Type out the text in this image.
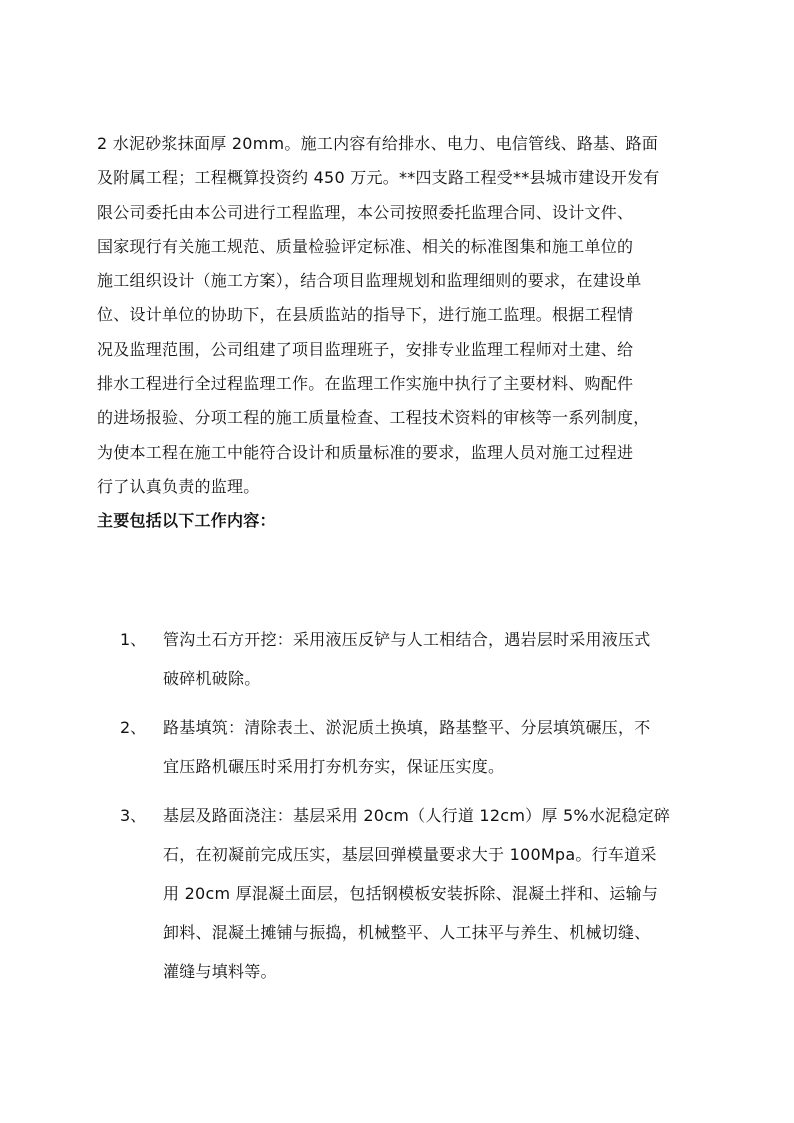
2 水泥砂浆抹面厚 20mm。施工内容有给排水、电力、电信管线、路基、路面
及附属工程；工程概算投资约 450 万元。**四支路工程受**县城市建设开发有
限公司委托由本公司进行工程监理，本公司按照委托监理合同、设计文件、
国家现行有关施工规范、质量检验评定标准、相关的标准图集和施工单位的
施工组织设计（施工方案），结合项目监理规划和监理细则的要求，在建设单
位、设计单位的协助下，在县质监站的指导下，进行施工监理。根据工程情
况及监理范围，公司组建了项目监理班子，安排专业监理工程师对土建、给
排水工程进行全过程监理工作。在监理工作实施中执行了主要材料、购配件
的进场报验、分项工程的施工质量检查、工程技术资料的审核等一系列制度，
为使本工程在施工中能符合设计和质量标准的要求，监理人员对施工过程进
行了认真负责的监理。
主要包括以下工作内容：
1、 管沟土石方开挖：采用液压反铲与人工相结合，遇岩层时采用液压式
破碎机破除。
2、 路基填筑：清除表土、淤泥质土换填，路基整平、分层填筑碾压，不
宜压路机碾压时采用打夯机夯实，保证压实度。
3、 基层及路面浇注：基层采用 20cm（人行道 12cm）厚 5%水泥稳定碎
石，在初凝前完成压实，基层回弹模量要求大于 100Mpa。行车道采
用 20cm 厚混凝土面层，包括钢模板安装拆除、混凝土拌和、运输与
卸料、混凝土摊铺与振捣，机械整平、人工抹平与养生、机械切缝、
灌缝与填料等。
